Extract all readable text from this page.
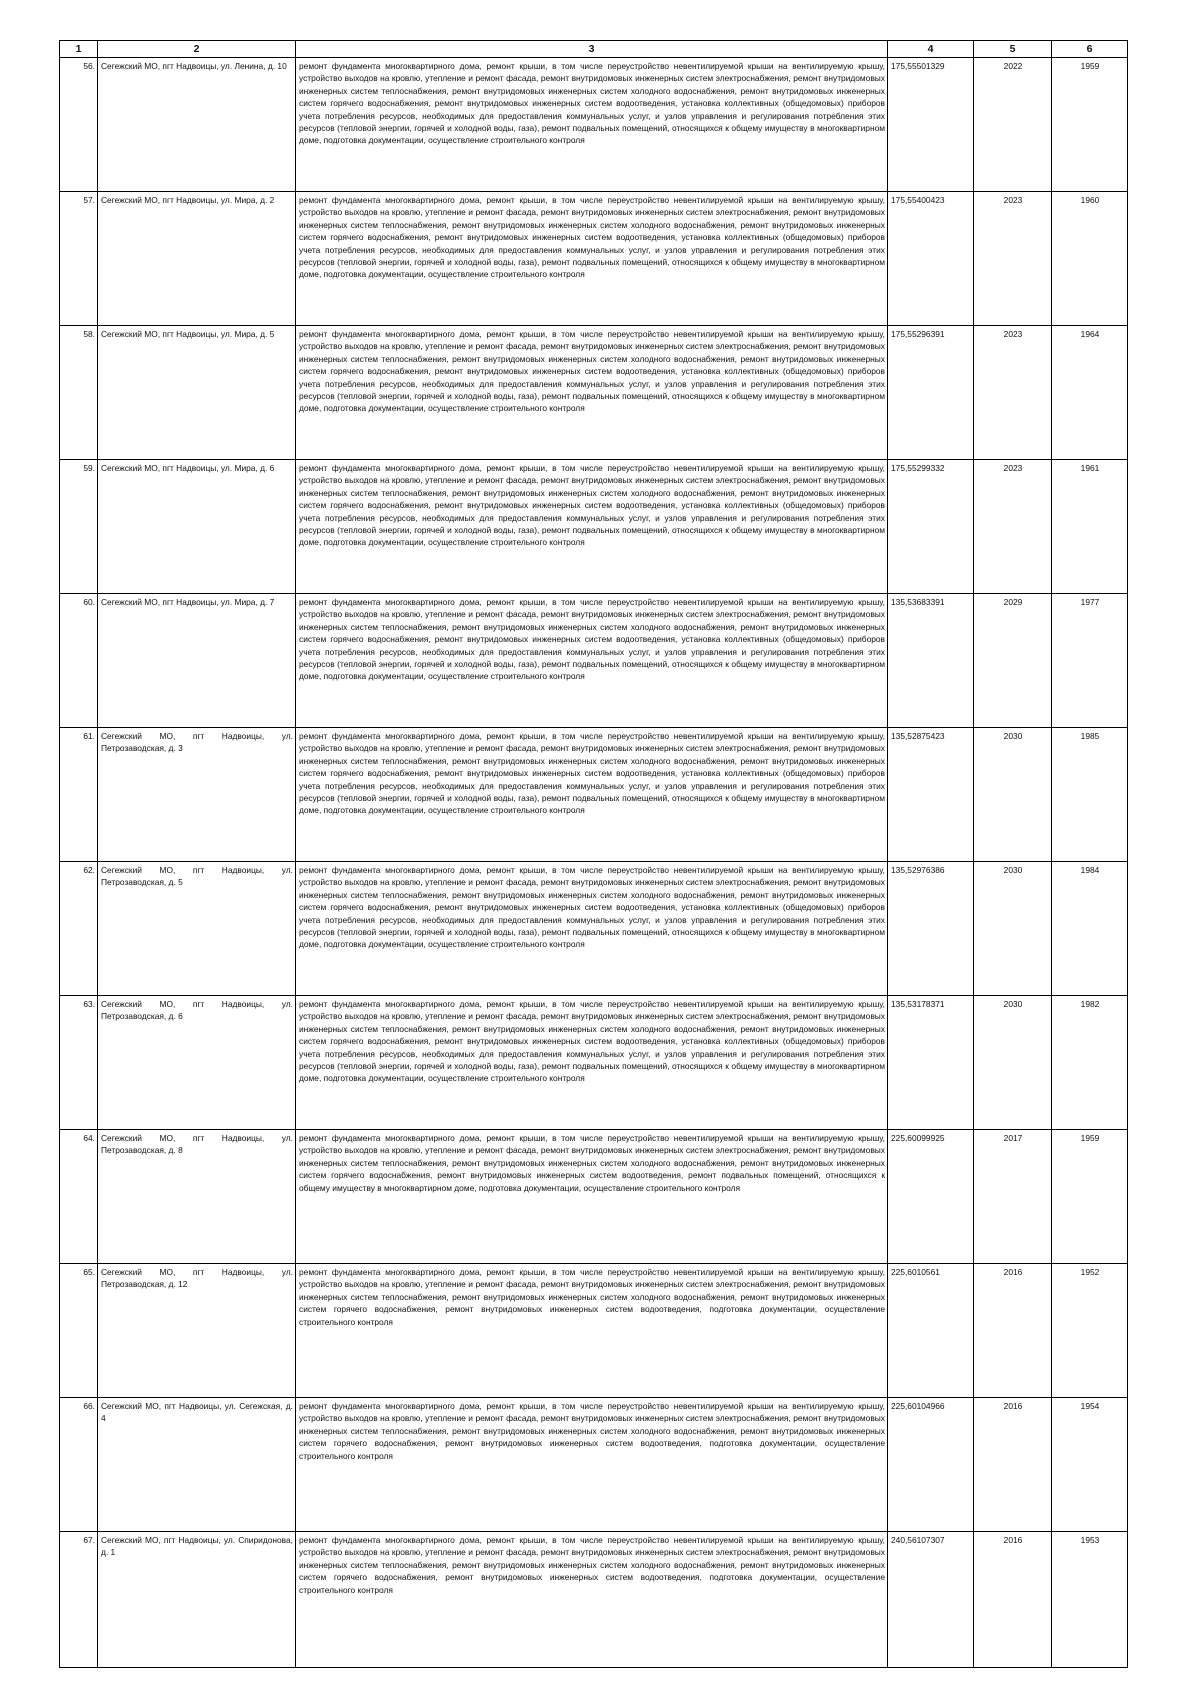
1	2	3	4	5	6
56.	Сегежский МО, пгт Надвоицы, ул. Ленина, д. 10	ремонт фундамента многоквартирного дома, ремонт крыши, в том числе переустройство невентилируемой крыши на вентилируемую крышу, устройство выходов на кровлю, утепление и ремонт фасада, ремонт внутридомовых инженерных систем электроснабжения, ремонт внутридомовых инженерных систем теплоснабжения, ремонт внутридомовых инженерных систем холодного водоснабжения, ремонт внутридомовых инженерных систем горячего водоснабжения, ремонт внутридомовых инженерных систем водоотведения, установка коллективных (общедомовых) приборов учета потребления ресурсов, необходимых для предоставления коммунальных услуг, и узлов управления и регулирования потребления этих ресурсов (тепловой энергии, горячей и холодной воды, газа), ремонт подвальных помещений, относящихся к общему имуществу в многоквартирном доме, подготовка документации, осуществление строительного контроля	175,55501329	2022	1959
57.	Сегежский МО, пгт Надвоицы, ул. Мира, д. 2	ремонт фундамента многоквартирного дома, ремонт крыши, в том числе переустройство невентилируемой крыши на вентилируемую крышу, устройство выходов на кровлю, утепление и ремонт фасада, ремонт внутридомовых инженерных систем электроснабжения, ремонт внутридомовых инженерных систем теплоснабжения, ремонт внутридомовых инженерных систем холодного водоснабжения, ремонт внутридомовых инженерных систем горячего водоснабжения, ремонт внутридомовых инженерных систем водоотведения, установка коллективных (общедомовых) приборов учета потребления ресурсов, необходимых для предоставления коммунальных услуг, и узлов управления и регулирования потребления этих ресурсов (тепловой энергии, горячей и холодной воды, газа), ремонт подвальных помещений, относящихся к общему имуществу в многоквартирном доме, подготовка документации, осуществление строительного контроля	175,55400423	2023	1960
58.	Сегежский МО, пгт Надвоицы, ул. Мира, д. 5	ремонт фундамента многоквартирного дома, ремонт крыши, в том числе переустройство невентилируемой крыши на вентилируемую крышу, устройство выходов на кровлю, утепление и ремонт фасада, ремонт внутридомовых инженерных систем электроснабжения, ремонт внутридомовых инженерных систем теплоснабжения, ремонт внутридомовых инженерных систем холодного водоснабжения, ремонт внутридомовых инженерных систем горячего водоснабжения, ремонт внутридомовых инженерных систем водоотведения, установка коллективных (общедомовых) приборов учета потребления ресурсов, необходимых для предоставления коммунальных услуг, и узлов управления и регулирования потребления этих ресурсов (тепловой энергии, горячей и холодной воды, газа), ремонт подвальных помещений, относящихся к общему имуществу в многоквартирном доме, подготовка документации, осуществление строительного контроля	175,55296391	2023	1964
59.	Сегежский МО, пгт Надвоицы, ул. Мира, д. 6	ремонт фундамента многоквартирного дома, ремонт крыши, в том числе переустройство невентилируемой крыши на вентилируемую крышу, устройство выходов на кровлю, утепление и ремонт фасада, ремонт внутридомовых инженерных систем электроснабжения, ремонт внутридомовых инженерных систем теплоснабжения, ремонт внутридомовых инженерных систем холодного водоснабжения, ремонт внутридомовых инженерных систем горячего водоснабжения, ремонт внутридомовых инженерных систем водоотведения, установка коллективных (общедомовых) приборов учета потребления ресурсов, необходимых для предоставления коммунальных услуг, и узлов управления и регулирования потребления этих ресурсов (тепловой энергии, горячей и холодной воды, газа), ремонт подвальных помещений, относящихся к общему имуществу в многоквартирном доме, подготовка документации, осуществление строительного контроля	175,55299332	2023	1961
60.	Сегежский МО, пгт Надвоицы, ул. Мира, д. 7	ремонт фундамента многоквартирного дома, ремонт крыши, в том числе переустройство невентилируемой крыши на вентилируемую крышу, устройство выходов на кровлю, утепление и ремонт фасада, ремонт внутридомовых инженерных систем электроснабжения, ремонт внутридомовых инженерных систем теплоснабжения, ремонт внутридомовых инженерных систем холодного водоснабжения, ремонт внутридомовых инженерных систем горячего водоснабжения, ремонт внутридомовых инженерных систем водоотведения, установка коллективных (общедомовых) приборов учета потребления ресурсов, необходимых для предоставления коммунальных услуг, и узлов управления и регулирования потребления этих ресурсов (тепловой энергии, горячей и холодной воды, газа), ремонт подвальных помещений, относящихся к общему имуществу в многоквартирном доме, подготовка документации, осуществление строительного контроля	135,53683391	2029	1977
61.	Сегежский МО, пгт Надвоицы, ул. Петрозаводская, д. 3	ремонт фундамента многоквартирного дома, ремонт крыши, в том числе переустройство невентилируемой крыши на вентилируемую крышу, устройство выходов на кровлю, утепление и ремонт фасада, ремонт внутридомовых инженерных систем электроснабжения, ремонт внутридомовых инженерных систем теплоснабжения, ремонт внутридомовых инженерных систем холодного водоснабжения, ремонт внутридомовых инженерных систем горячего водоснабжения, ремонт внутридомовых инженерных систем водоотведения, установка коллективных (общедомовых) приборов учета потребления ресурсов, необходимых для предоставления коммунальных услуг, и узлов управления и регулирования потребления этих ресурсов (тепловой энергии, горячей и холодной воды, газа), ремонт подвальных помещений, относящихся к общему имуществу в многоквартирном доме, подготовка документации, осуществление строительного контроля	135,52875423	2030	1985
62.	Сегежский МО, пгт Надвоицы, ул. Петрозаводская, д. 5	ремонт фундамента многоквартирного дома, ремонт крыши, в том числе переустройство невентилируемой крыши на вентилируемую крышу, устройство выходов на кровлю, утепление и ремонт фасада, ремонт внутридомовых инженерных систем электроснабжения, ремонт внутридомовых инженерных систем теплоснабжения, ремонт внутридомовых инженерных систем холодного водоснабжения, ремонт внутридомовых инженерных систем горячего водоснабжения, ремонт внутридомовых инженерных систем водоотведения, установка коллективных (общедомовых) приборов учета потребления ресурсов, необходимых для предоставления коммунальных услуг, и узлов управления и регулирования потребления этих ресурсов (тепловой энергии, горячей и холодной воды, газа), ремонт подвальных помещений, относящихся к общему имуществу в многоквартирном доме, подготовка документации, осуществление строительного контроля	135,52976386	2030	1984
63.	Сегежский МО, пгт Надвоицы, ул. Петрозаводская, д. 6	ремонт фундамента многоквартирного дома, ремонт крыши, в том числе переустройство невентилируемой крыши на вентилируемую крышу, устройство выходов на кровлю, утепление и ремонт фасада, ремонт внутридомовых инженерных систем электроснабжения, ремонт внутридомовых инженерных систем теплоснабжения, ремонт внутридомовых инженерных систем холодного водоснабжения, ремонт внутридомовых инженерных систем горячего водоснабжения, ремонт внутридомовых инженерных систем водоотведения, установка коллективных (общедомовых) приборов учета потребления ресурсов, необходимых для предоставления коммунальных услуг, и узлов управления и регулирования потребления этих ресурсов (тепловой энергии, горячей и холодной воды, газа), ремонт подвальных помещений, относящихся к общему имуществу в многоквартирном доме, подготовка документации, осуществление строительного контроля	135,53178371	2030	1982
64.	Сегежский МО, пгт Надвоицы, ул. Петрозаводская, д. 8	ремонт фундамента многоквартирного дома, ремонт крыши, в том числе переустройство невентилируемой крыши на вентилируемую крышу, устройство выходов на кровлю, утепление и ремонт фасада, ремонт внутридомовых инженерных систем электроснабжения, ремонт внутридомовых инженерных систем теплоснабжения, ремонт внутридомовых инженерных систем холодного водоснабжения, ремонт внутридомовых инженерных систем горячего водоснабжения, ремонт внутридомовых инженерных систем водоотведения, ремонт подвальных помещений, относящихся к общему имуществу в многоквартирном доме, подготовка документации, осуществление строительного контроля	225,60099925	2017	1959
65.	Сегежский МО, пгт Надвоицы, ул. Петрозаводская, д. 12	ремонт фундамента многоквартирного дома, ремонт крыши, в том числе переустройство невентилируемой крыши на вентилируемую крышу, устройство выходов на кровлю, утепление и ремонт фасада, ремонт внутридомовых инженерных систем электроснабжения, ремонт внутридомовых инженерных систем теплоснабжения, ремонт внутридомовых инженерных систем холодного водоснабжения, ремонт внутридомовых инженерных систем горячего водоснабжения, ремонт внутридомовых инженерных систем водоотведения, подготовка документации, осуществление строительного контроля	225,6010561	2016	1952
66.	Сегежский МО, пгт Надвоицы, ул. Сегежская, д. 4	ремонт фундамента многоквартирного дома, ремонт крыши, в том числе переустройство невентилируемой крыши на вентилируемую крышу, устройство выходов на кровлю, утепление и ремонт фасада, ремонт внутридомовых инженерных систем электроснабжения, ремонт внутридомовых инженерных систем теплоснабжения, ремонт внутридомовых инженерных систем холодного водоснабжения, ремонт внутридомовых инженерных систем горячего водоснабжения, ремонт внутридомовых инженерных систем водоотведения, подготовка документации, осуществление строительного контроля	225,60104966	2016	1954
67.	Сегежский МО, пгт Надвоицы, ул. Спиридонова, д. 1	ремонт фундамента многоквартирного дома, ремонт крыши, в том числе переустройство невентилируемой крыши на вентилируемую крышу, устройство выходов на кровлю, утепление и ремонт фасада, ремонт внутридомовых инженерных систем электроснабжения, ремонт внутридомовых инженерных систем теплоснабжения, ремонт внутридомовых инженерных систем холодного водоснабжения, ремонт внутридомовых инженерных систем горячего водоснабжения, ремонт внутридомовых инженерных систем водоотведения, подготовка документации, осуществление строительного контроля	240,56107307	2016	1953
